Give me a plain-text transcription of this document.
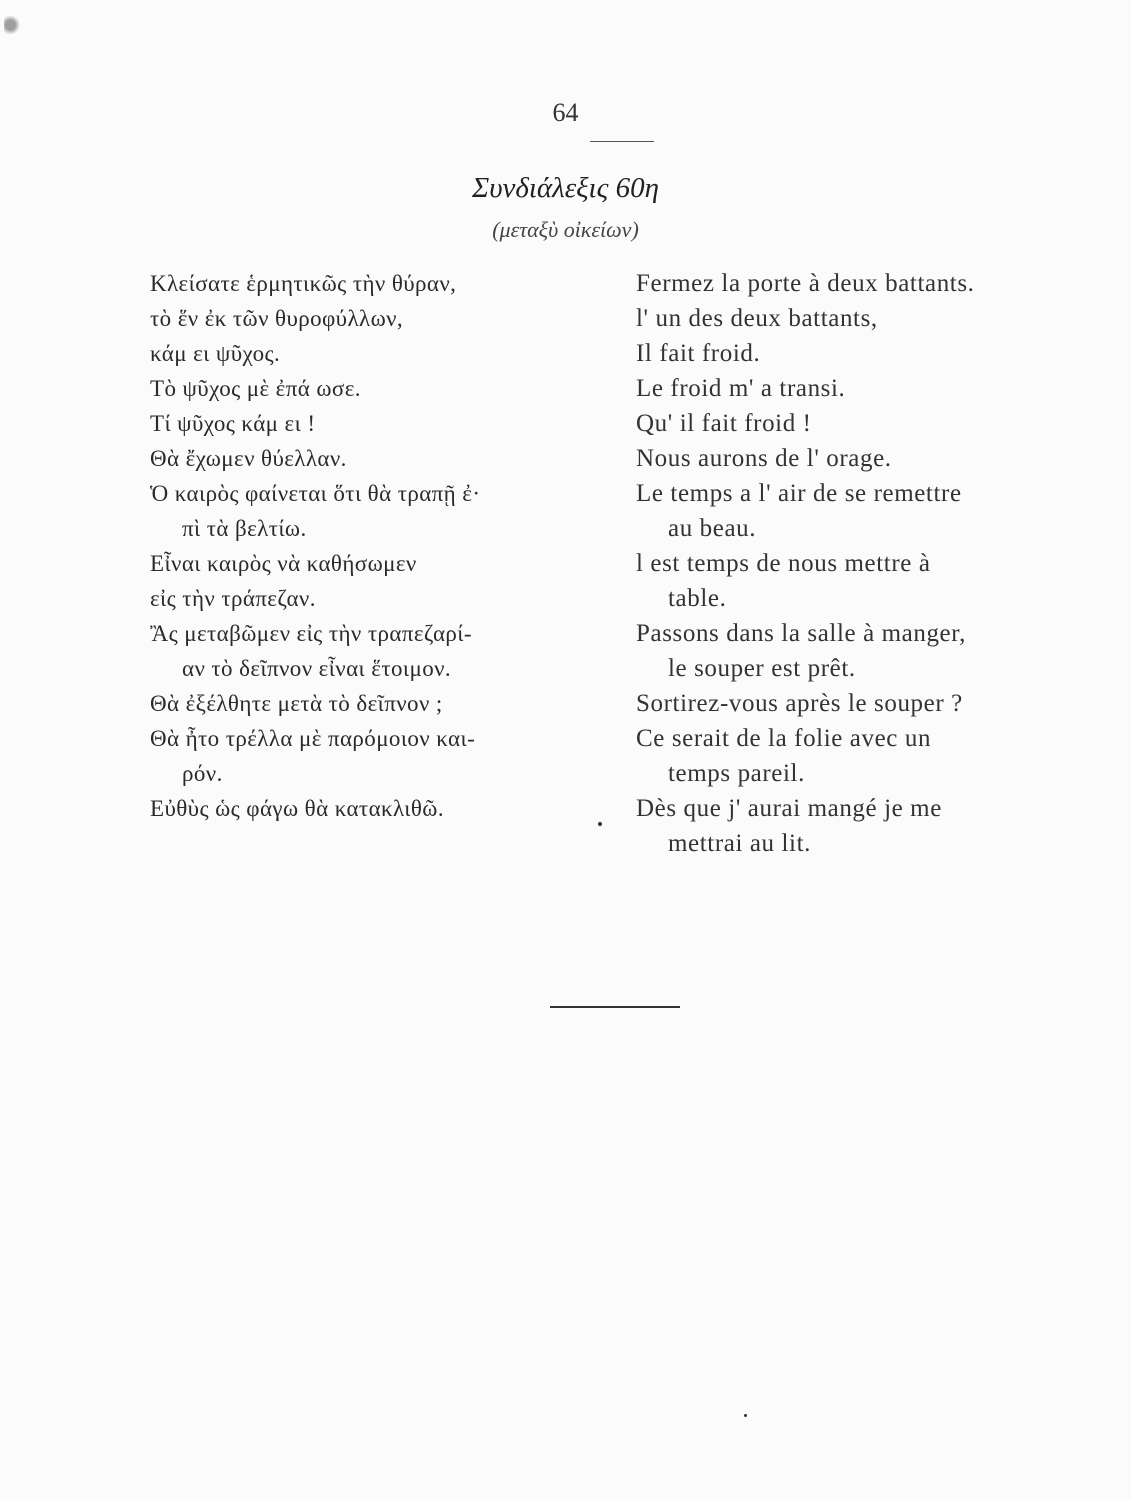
64
Συνδιάλεξις 60η
(μεταξὺ οἰκείων)
Κλείσατε ἑρμητικῶς τὴν θύραν,
τὸ ἕν ἐκ τῶν θυροφύλλων,
κάμ ει ψῦχος.
Τὸ ψῦχος μὲ ἐπά ωσε.
Τί ψῦχος κάμ ει !
Θὰ ἔχωμεν θύελλαν.
Ὁ καιρὸς φαίνεται ὅτι θὰ τραπῇ ἐ·
πὶ τὰ βελτίω.
Εἶναι καιρὸς νὰ καθήσωμεν
εἰς τὴν τράπεζαν.
Ἂς μεταβῶμεν εἰς τὴν τραπεζαρί-
αν τὸ δεῖπνον εἶναι ἕτοιμον.
Θὰ ἐξέλθητε μετὰ τὸ δεῖπνον ;
Θὰ ἦτο τρέλλα μὲ παρόμοιον και-
ρόν.
Εὐθὺς ὡς φάγω θὰ κατακλιθῶ.
Fermez la porte à deux battants.
l' un des deux battants,
Il fait froid.
Le froid m' a transi.
Qu' il fait froid !
Nous aurons de l' orage.
Le temps a l' air de se remettre
au beau.
l est temps de nous mettre à
table.
Passons dans la salle à manger,
le souper est prêt.
Sortirez-vous après le souper ?
Ce serait de la folie avec un
temps pareil.
Dès que j' aurai mangé je me
mettrai au lit.
